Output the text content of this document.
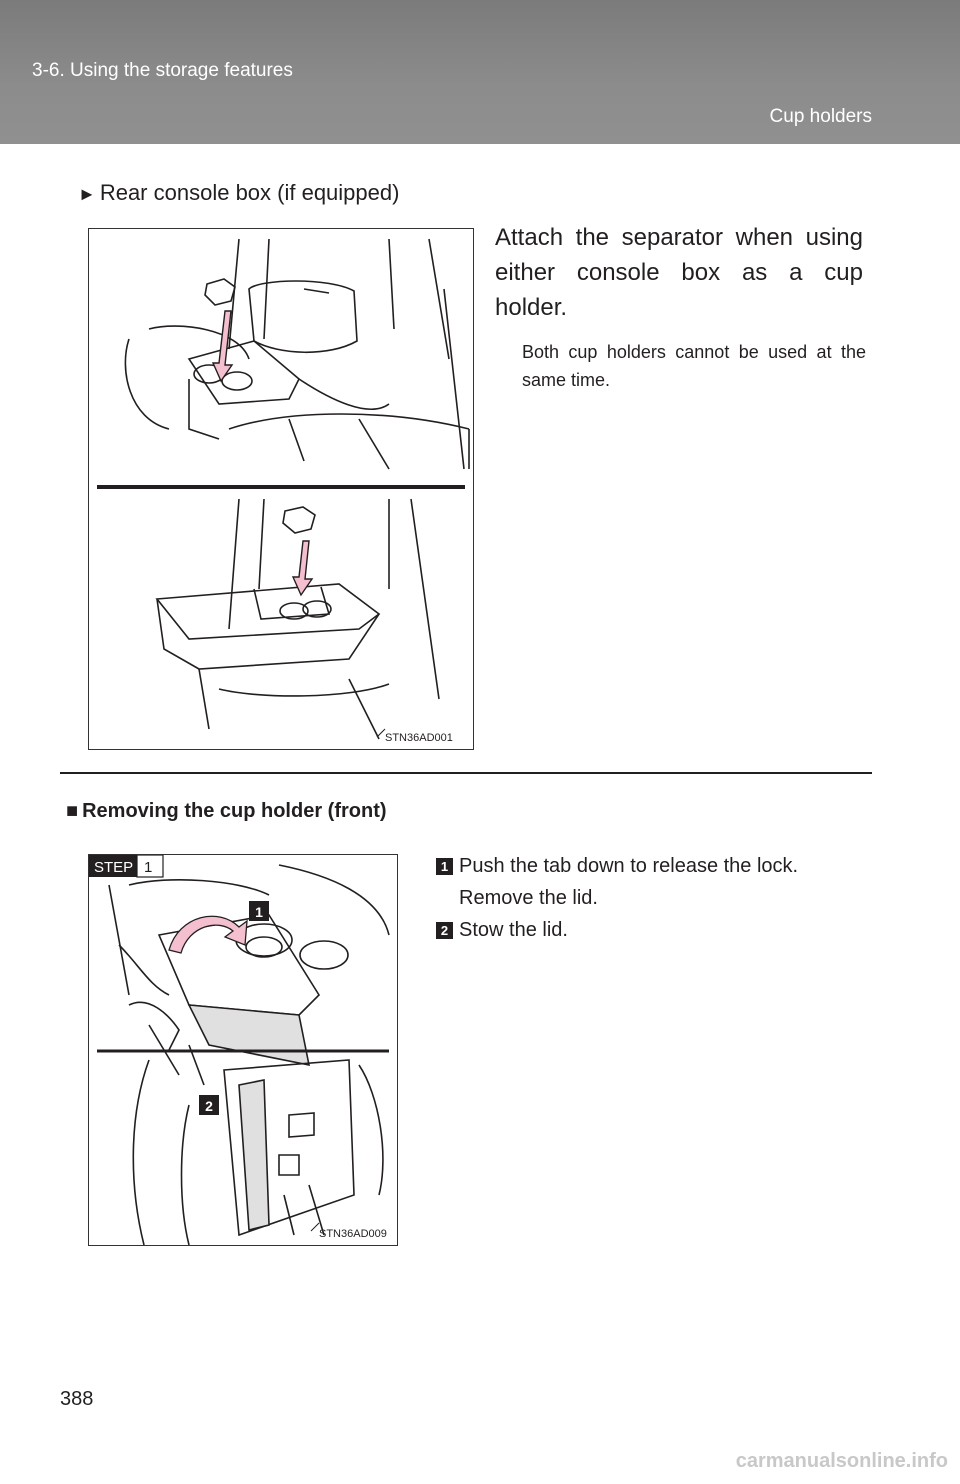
3-6. Using the storage features
Cup holders
► Rear console box (if equipped)
STN36AD001
Attach the separator when using either console box as a cup holder.
Both cup holders cannot be used at the same time.
■ Removing the cup holder (front)
STEP 1
1
2
STN36AD009
1 Push the tab down to release the lock. Remove the lid.
2 Stow the lid.
388
carmanualsonline.info
